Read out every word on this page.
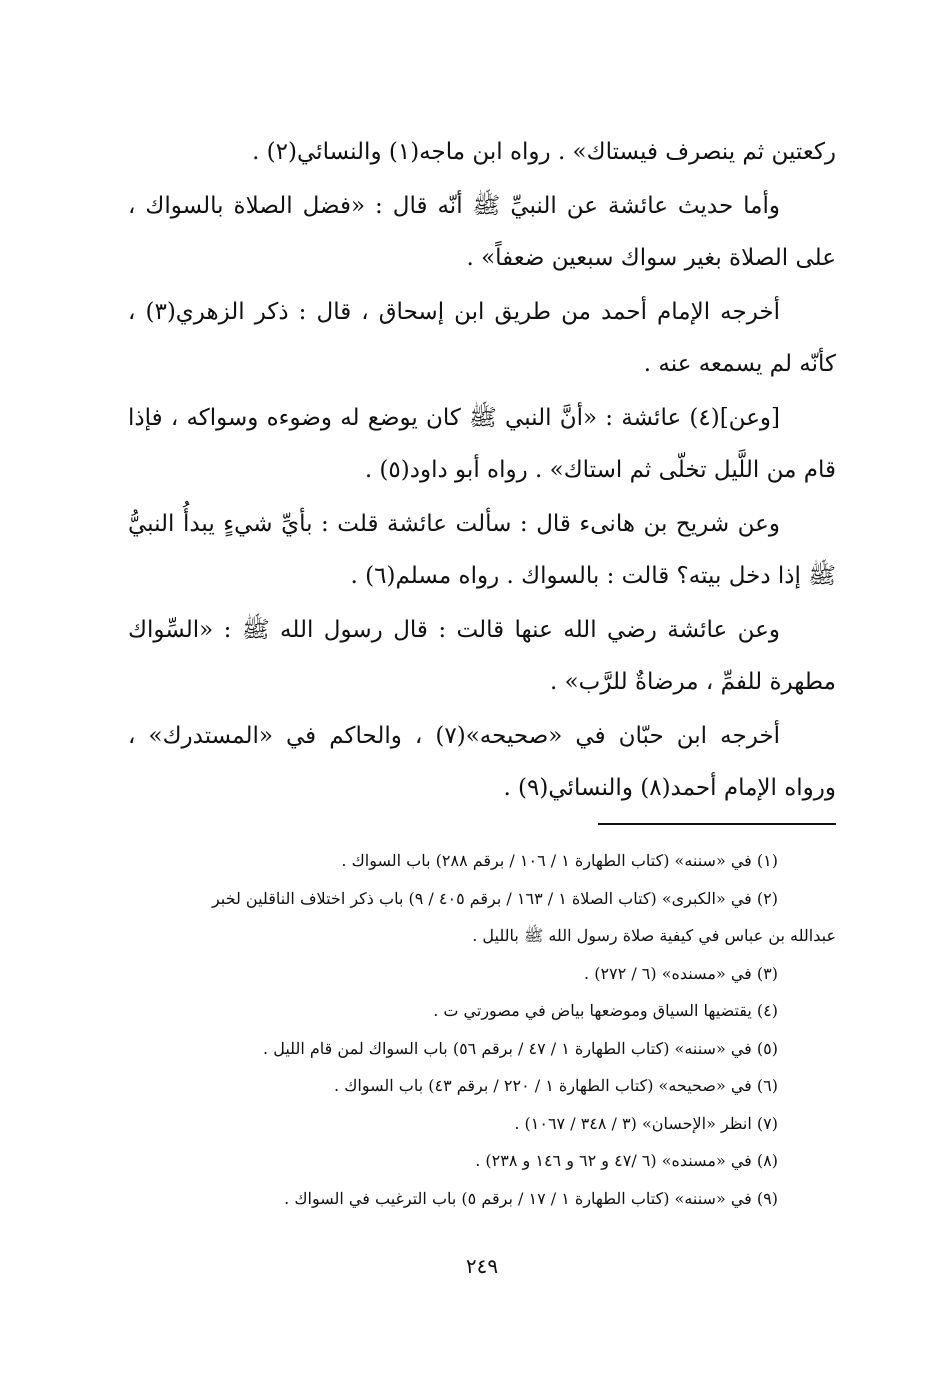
ركعتين ثم ينصرف فيستاك» . رواه ابن ماجه(١) والنسائي(٢) .

وأما حديث عائشة عن النبيِّ ﷺ أنّه قال : «فضل الصلاة بالسواك ، على الصلاة بغير سواك سبعين ضعفاً» .

أخرجه الإمام أحمد من طريق ابن إسحاق ، قال : ذكر الزهري(٣) ، كأنّه لم يسمعه عنه .

[وعن](٤) عائشة : «أنَّ النبي ﷺ كان يوضع له وضوءه وسواكه ، فإذا قام من اللَّيل تخلّى ثم استاك» . رواه أبو داود(٥) .

وعن شريح بن هانىء قال : سألت عائشة قلت : بأيِّ شيءٍ يبدأُ النبيُّ ﷺ إذا دخل بيته؟ قالت : بالسواك . رواه مسلم(٦) .

وعن عائشة رضي الله عنها قالت : قال رسول الله ﷺ : «السِّواك مطهرة للفمِّ ، مرضاةٌ للرَّب» .

أخرجه ابن حبّان في «صحيحه»(٧) ، والحاكم في «المستدرك» ، ورواه الإمام أحمد(٨) والنسائي(٩) .

(١) في «سننه» (كتاب الطهارة ١ / ١٠٦ / برقم ٢٨٨) باب السواك .

(٢) في «الكبرى» (كتاب الصلاة ١ / ١٦٣ / برقم ٤٠٥ / ٩) باب ذكر اختلاف الناقلين لخبر

عبدالله بن عباس في كيفية صلاة رسول الله ﷺ بالليل .

(٣) في «مسنده» (٦ / ٢٧٢) .

(٤) يقتضيها السياق وموضعها بياض في مصورتي ت .

(٥) في «سننه» (كتاب الطهارة ١ / ٤٧ / برقم ٥٦) باب السواك لمن قام الليل .

(٦) في «صحيحه» (كتاب الطهارة ١ / ٢٢٠ / برقم ٤٣) باب السواك .

(٧) انظر «الإحسان» (٣ / ٣٤٨ / ١٠٦٧) .

(٨) في «مسنده» (٦ /٤٧ و ٦٢ و ١٤٦ و ٢٣٨) .

(٩) في «سننه» (كتاب الطهارة ١ / ١٧ / برقم ٥) باب الترغيب في السواك .

٢٤٩
